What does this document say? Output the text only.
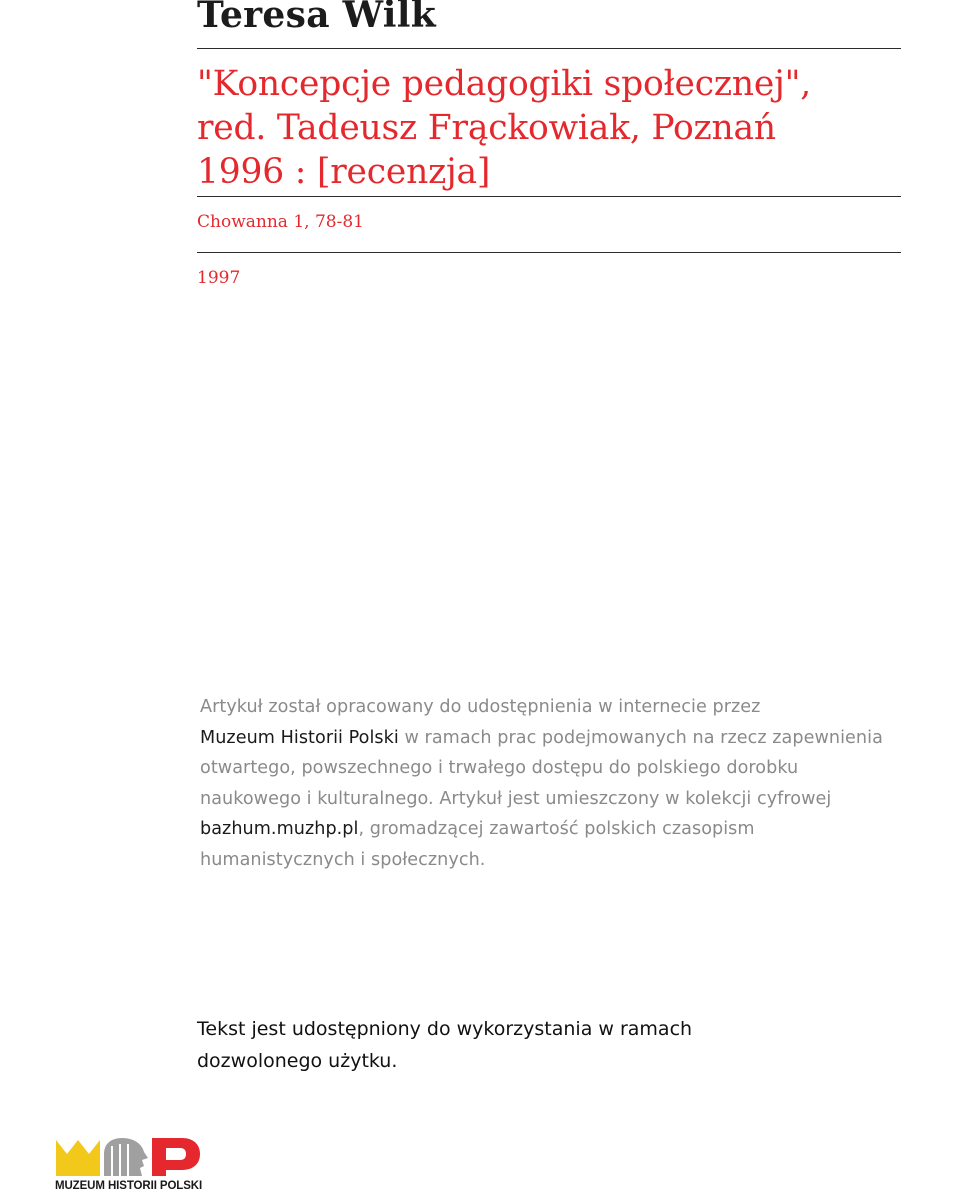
Teresa Wilk
"Koncepcje pedagogiki społecznej",
red. Tadeusz Frąckowiak, Poznań
1996 : [recenzja]
Chowanna 1, 78-81
1997

Artykuł został opracowany do udostępnienia w internecie przez
Muzeum Historii Polski w ramach prac podejmowanych na rzecz zapewnienia otwartego, powszechnego i trwałego dostępu do polskiego dorobku naukowego i kulturalnego. Artykuł jest umieszczony w kolekcji cyfrowej bazhum.muzhp.pl, gromadzącej zawartość polskich czasopism humanistycznych i społecznych.

Tekst jest udostępniony do wykorzystania w ramach
dozwolonego użytku.

MUZEUM HISTORII POLSKI
